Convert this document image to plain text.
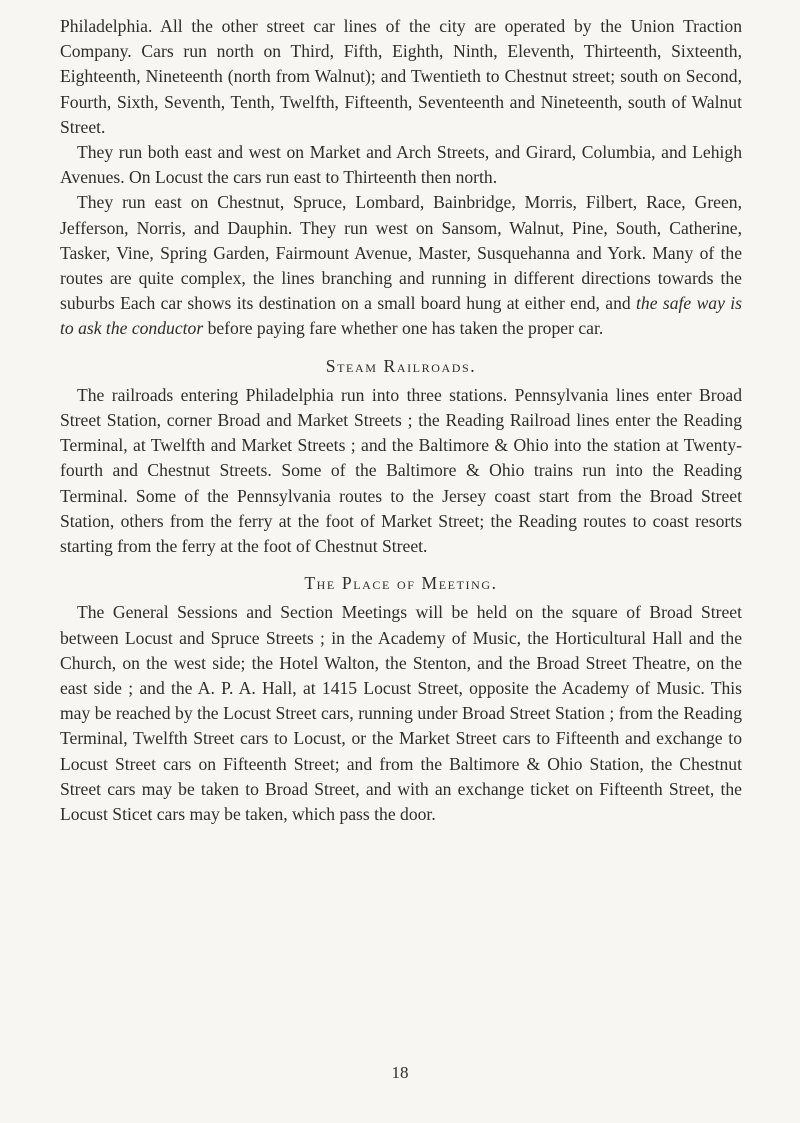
Philadelphia. All the other street car lines of the city are operated by the Union Traction Company. Cars run north on Third, Fifth, Eighth, Ninth, Eleventh, Thirteenth, Sixteenth, Eighteenth, Nineteenth (north from Walnut); and Twentieth to Chestnut street; south on Second, Fourth, Sixth, Seventh, Tenth, Twelfth, Fifteenth, Seventeenth and Nineteenth, south of Walnut Street.

They run both east and west on Market and Arch Streets, and Girard, Columbia, and Lehigh Avenues. On Locust the cars run east to Thirteenth then north.

They run east on Chestnut, Spruce, Lombard, Bainbridge, Morris, Filbert, Race, Green, Jefferson, Norris, and Dauphin. They run west on Sansom, Walnut, Pine, South, Catherine, Tasker, Vine, Spring Garden, Fairmount Avenue, Master, Susquehanna and York. Many of the routes are quite complex, the lines branching and running in different directions towards the suburbs Each car shows its destination on a small board hung at either end, and the safe way is to ask the conductor before paying fare whether one has taken the proper car.

Steam Railroads.

The railroads entering Philadelphia run into three stations. Pennsylvania lines enter Broad Street Station, corner Broad and Market Streets ; the Reading Railroad lines enter the Reading Terminal, at Twelfth and Market Streets ; and the Baltimore & Ohio into the station at Twenty-fourth and Chestnut Streets. Some of the Baltimore & Ohio trains run into the Reading Terminal. Some of the Pennsylvania routes to the Jersey coast start from the Broad Street Station, others from the ferry at the foot of Market Street; the Reading routes to coast resorts starting from the ferry at the foot of Chestnut Street.

The Place of Meeting.

The General Sessions and Section Meetings will be held on the square of Broad Street between Locust and Spruce Streets ; in the Academy of Music, the Horticultural Hall and the Church, on the west side; the Hotel Walton, the Stenton, and the Broad Street Theatre, on the east side ; and the A. P. A. Hall, at 1415 Locust Street, opposite the Academy of Music. This may be reached by the Locust Street cars, running under Broad Street Station ; from the Reading Terminal, Twelfth Street cars to Locust, or the Market Street cars to Fifteenth and exchange to Locust Street cars on Fifteenth Street; and from the Baltimore & Ohio Station, the Chestnut Street cars may be taken to Broad Street, and with an exchange ticket on Fifteenth Street, the Locust Sticet cars may be taken, which pass the door.

18
